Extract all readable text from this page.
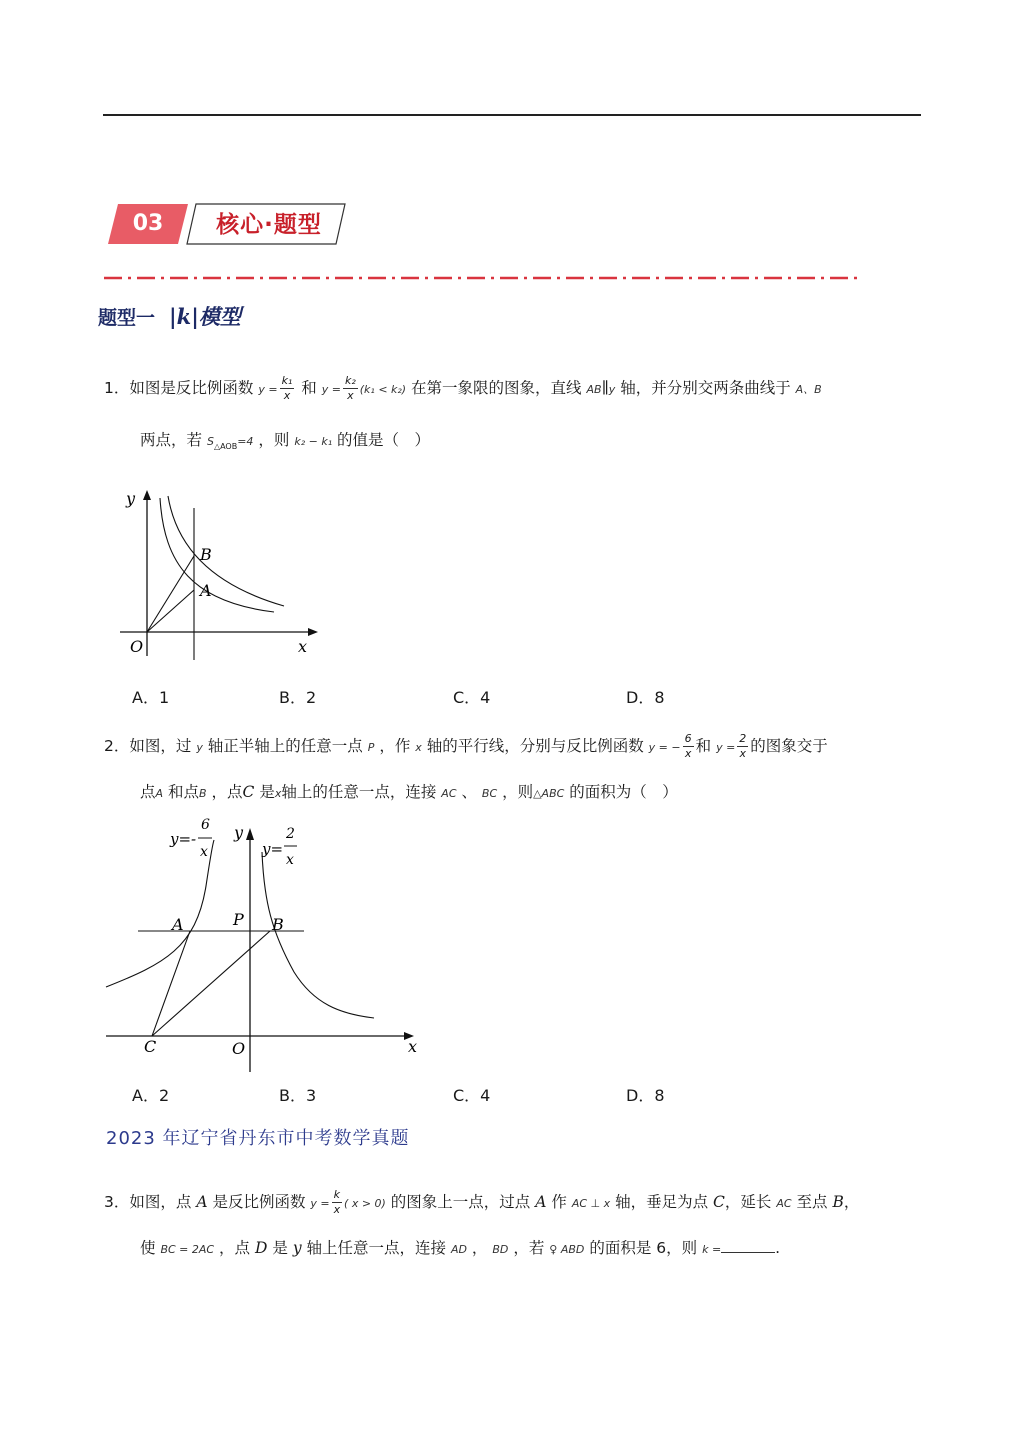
03	核心·题型
题型一 |k|模型
1．如图是反比例函数 $y = \frac{\text{k₁}}{x}$ 和 $y = \frac{\text{k₂}}{x} (k_1 < k_2)$ 在第一象限的图象，直线 AB∥y 轴，并分别交两条曲线于 A、B
两点，若 $S_{\triangle AOB}=4$ ，则 k₂ − k₁ 的值是（　）
y
x
O
B
A
A．1	B．2	C．4	D．8
2．如图，过 y 轴正半轴上的任意一点 P ，作 x 轴的平行线，分别与反比例函数 y = − $\frac{6}{x}$ 和 $y = \frac{2}{x}$ 的图象交于
点A 和点B ，点C 是x轴上的任意一点，连接 AC 、 BC ，则△ABC 的面积为（　）
y=-
6
x
y
y=
2
x
A	P B
C	O	x
A．2	B．3	C．4	D．8
2023 年辽宁省丹东市中考数学真题
3．如图，点 A 是反比例函数 $y = \frac{k}{x}$ ( x > 0) 的图象上一点，过点 A 作 AC ⊥ x 轴，垂足为点 C，延长 AC 至点 B，
使 BC = 2AC ，点 D 是 y 轴上任意一点，连接 AD ， BD ，若 ♀ ABD 的面积是 6，则 k =	.
